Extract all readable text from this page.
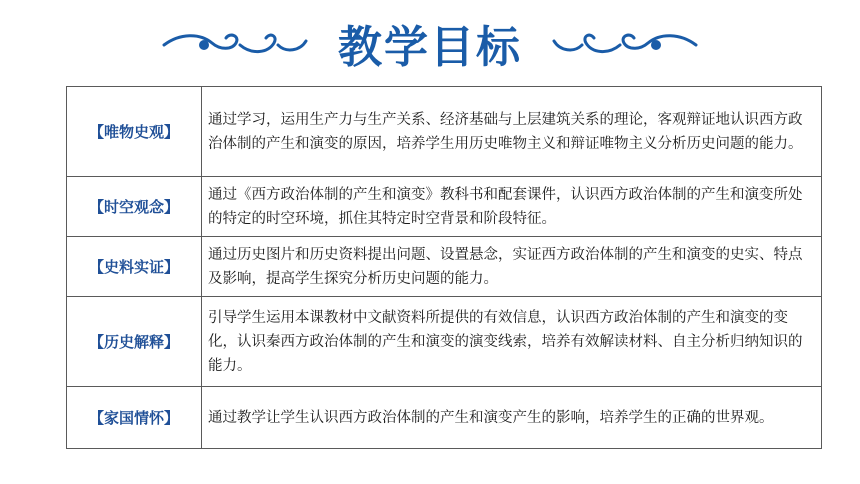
教学目标
【唯物史观】	通过学习，运用生产力与生产关系、经济基础与上层建筑关系的理论，客观辩证地认识西方政治体制的产生和演变的原因，培养学生用历史唯物主义和辩证唯物主义分析历史问题的能力。
【时空观念】	通过《西方政治体制的产生和演变》教科书和配套课件，认识西方政治体制的产生和演变所处的特定的时空环境，抓住其特定时空背景和阶段特征。
【史料实证】	通过历史图片和历史资料提出问题、设置悬念，实证西方政治体制的产生和演变的史实、特点及影响，提高学生探究分析历史问题的能力。
【历史解释】	引导学生运用本课教材中文献资料所提供的有效信息，认识西方政治体制的产生和演变的变化，认识秦西方政治体制的产生和演变的演变线索，培养有效解读材料、自主分析归纳知识的能力。
【家国情怀】	通过教学让学生认识西方政治体制的产生和演变产生的影响，培养学生的正确的世界观。
